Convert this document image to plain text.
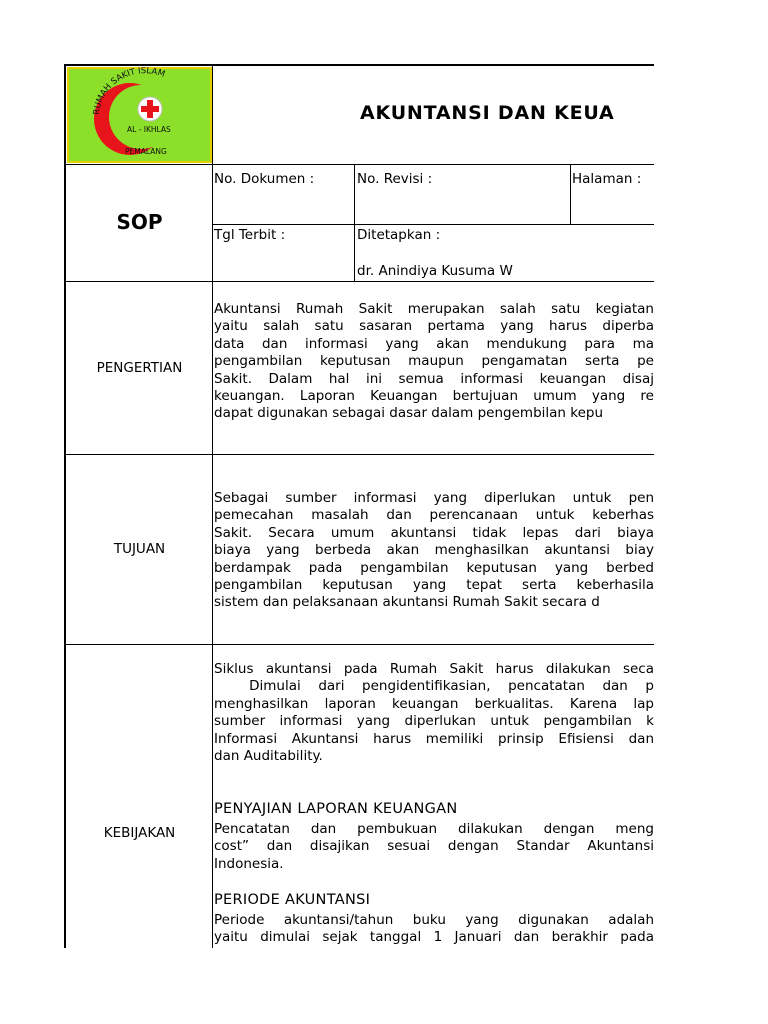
RUMAH SAKIT ISLAM
AL - IKHLAS
PEMALANG
AKUNTANSI DAN KEUA
SOP
No. Dokumen :	No. Revisi :	Halaman :
Tgl Terbit :	Ditetapkan :
dr. Anindiya Kusuma W
PENGERTIAN
Akuntansi Rumah Sakit merupakan salah satu kegiatan
yaitu salah satu sasaran pertama yang harus diperba
data dan informasi yang akan mendukung para ma
pengambilan keputusan maupun pengamatan serta pe
Sakit. Dalam hal ini semua informasi keuangan disaj
keuangan. Laporan Keuangan bertujuan umum yang re
dapat digunakan sebagai dasar dalam pengembilan kepu
TUJUAN
Sebagai sumber informasi yang diperlukan untuk pen
pemecahan masalah dan perencanaan untuk keberhas
Sakit. Secara umum akuntansi tidak lepas dari biaya
biaya yang berbeda akan menghasilkan akuntansi biay
berdampak pada pengambilan keputusan yang berbed
pengambilan keputusan yang tepat serta keberhasila
sistem dan pelaksanaan akuntansi Rumah Sakit secara d
KEBIJAKAN
Siklus akuntansi pada Rumah Sakit harus dilakukan seca
Dimulai dari pengidentifikasian, pencatatan dan p
menghasilkan laporan keuangan berkualitas. Karena lap
sumber informasi yang diperlukan untuk pengambilan k
Informasi Akuntansi harus memiliki prinsip Efisiensi dan
dan Auditability.
PENYAJIAN LAPORAN KEUANGAN
Pencatatan dan pembukuan dilakukan dengan meng
cost” dan disajikan sesuai dengan Standar Akuntansi
Indonesia.
PERIODE AKUNTANSI
Periode akuntansi/tahun buku yang digunakan adalah
yaitu dimulai sejak tanggal 1 Januari dan berakhir pada
